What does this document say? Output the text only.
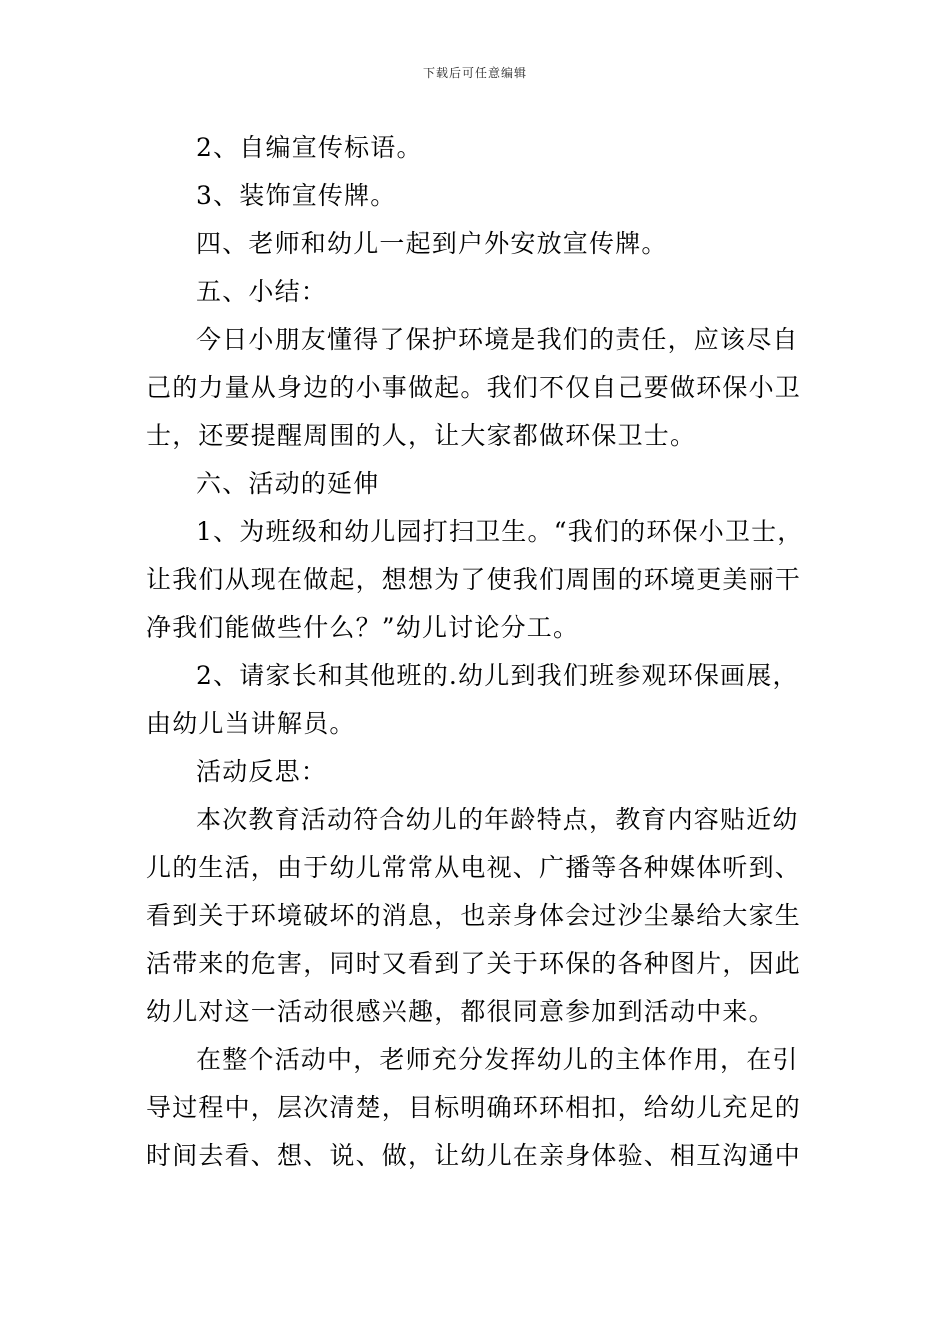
下载后可任意编辑

2、自编宣传标语。

3、装饰宣传牌。

四、老师和幼儿一起到户外安放宣传牌。

五、小结：

今日小朋友懂得了保护环境是我们的责任，应该尽自己的力量从身边的小事做起。我们不仅自己要做环保小卫士，还要提醒周围的人，让大家都做环保卫士。

六、活动的延伸

1、为班级和幼儿园打扫卫生。“我们的环保小卫士，让我们从现在做起，想想为了使我们周围的环境更美丽干净我们能做些什么？”幼儿讨论分工。

2、请家长和其他班的.幼儿到我们班参观环保画展，由幼儿当讲解员。

活动反思：

本次教育活动符合幼儿的年龄特点，教育内容贴近幼儿的生活，由于幼儿常常从电视、广播等各种媒体听到、看到关于环境破坏的消息，也亲身体会过沙尘暴给大家生活带来的危害，同时又看到了关于环保的各种图片，因此幼儿对这一活动很感兴趣，都很同意参加到活动中来。

在整个活动中，老师充分发挥幼儿的主体作用，在引导过程中，层次清楚，目标明确环环相扣，给幼儿充足的时间去看、想、说、做，让幼儿在亲身体验、相互沟通中
